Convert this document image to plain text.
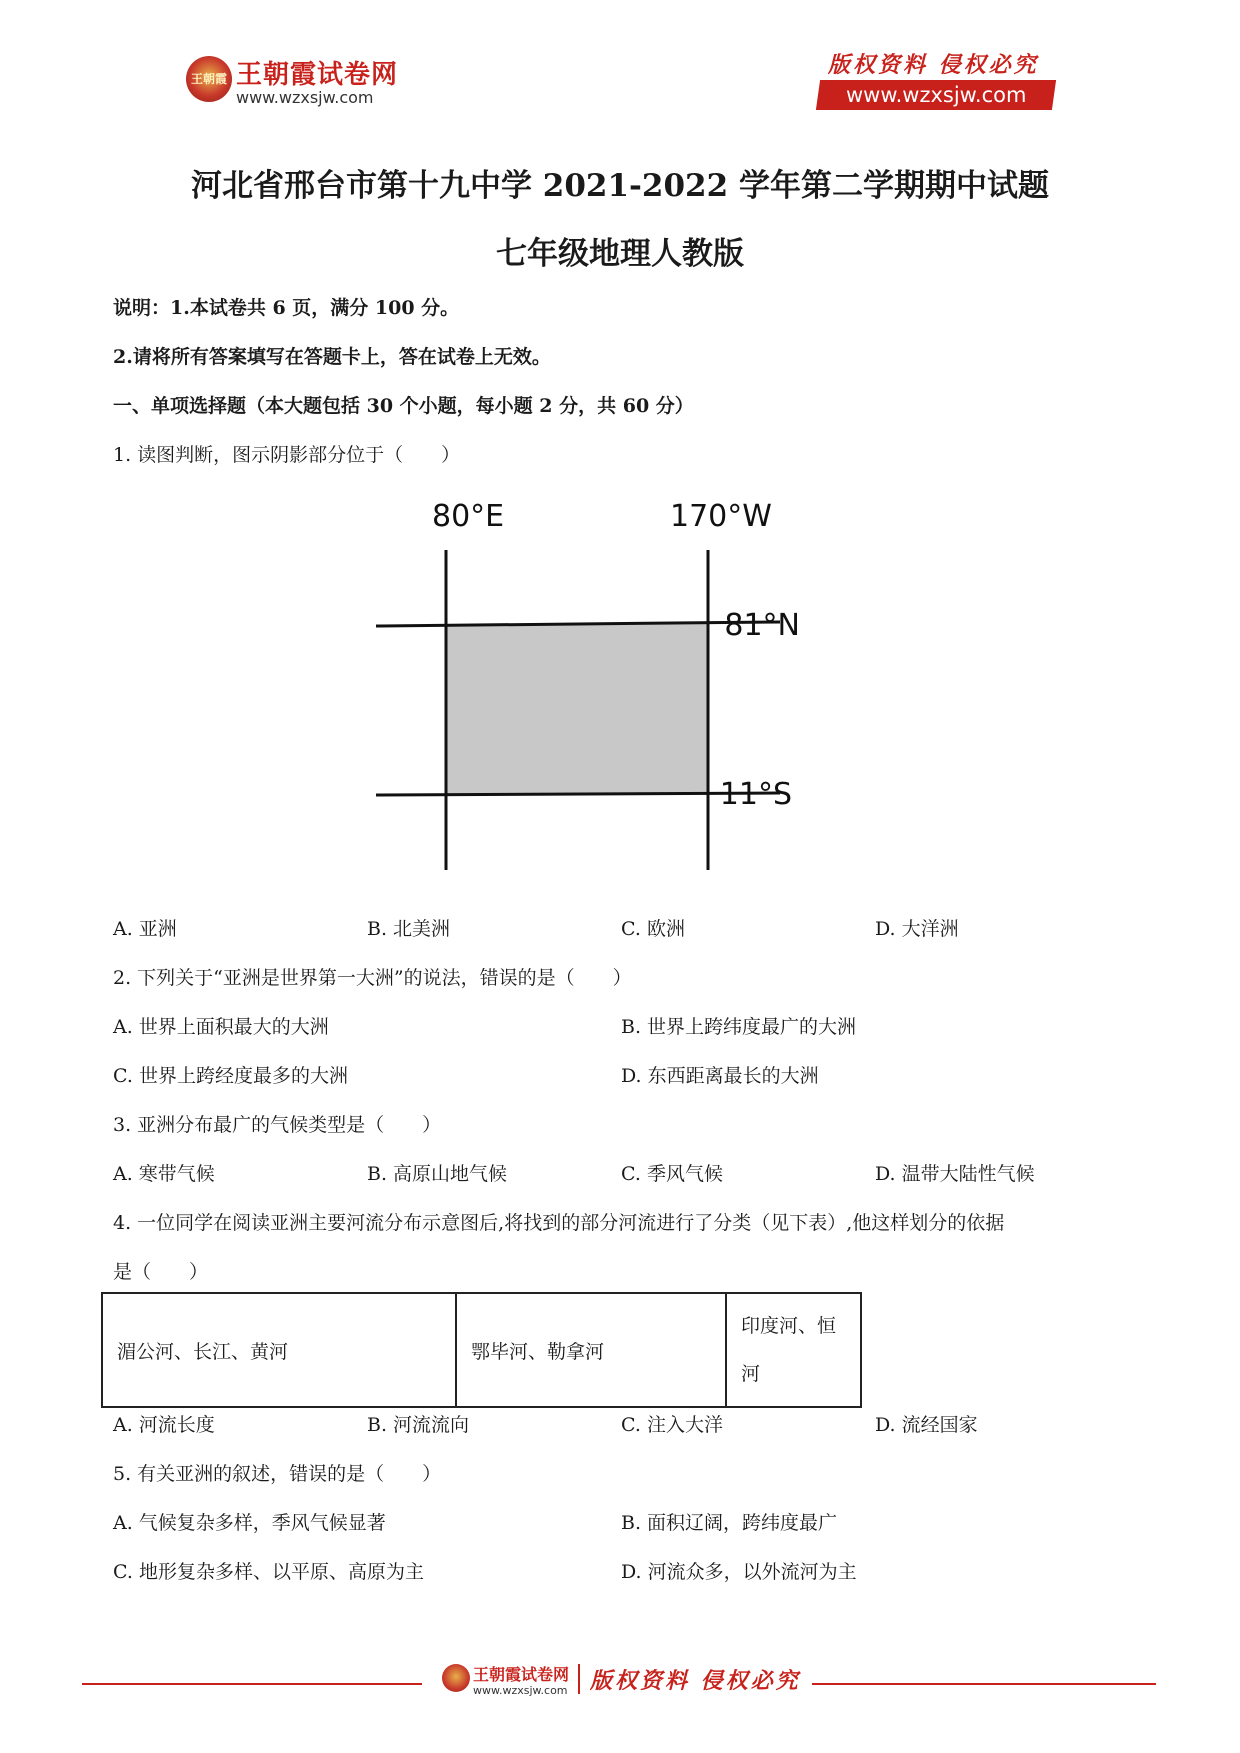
王朝霞 王朝霞试卷网
www.wzxsjw.com
版权资料 侵权必究
www.wzxsjw.com
河北省邢台市第十九中学 2021-2022 学年第二学期期中试题
七年级地理人教版
说明：1.本试卷共 6 页，满分 100 分。
2.请将所有答案填写在答题卡上，答在试卷上无效。
一、单项选择题（本大题包括 30 个小题，每小题 2 分，共 60 分）
1. 读图判断，图示阴影部分位于（　　）
80°E	170°W
81°N
11°S
A. 亚洲	B. 北美洲	C. 欧洲	D. 大洋洲
2. 下列关于“亚洲是世界第一大洲”的说法，错误的是（　　）
A. 世界上面积最大的大洲	B. 世界上跨纬度最广的大洲
C. 世界上跨经度最多的大洲	D. 东西距离最长的大洲
3. 亚洲分布最广的气候类型是（　　）
A. 寒带气候	B. 高原山地气候	C. 季风气候	D. 温带大陆性气候
4. 一位同学在阅读亚洲主要河流分布示意图后,将找到的部分河流进行了分类（见下表）,他这样划分的依据
是（　　）
湄公河、长江、黄河	鄂毕河、勒拿河	印度河、恒
河
A. 河流长度	B. 河流流向	C. 注入大洋	D. 流经国家
5. 有关亚洲的叙述，错误的是（　　）
A. 气候复杂多样，季风气候显著	B. 面积辽阔，跨纬度最广
C. 地形复杂多样、以平原、高原为主	D. 河流众多，以外流河为主
王朝霞试卷网
www.wzxsjw.com 版权资料 侵权必究
